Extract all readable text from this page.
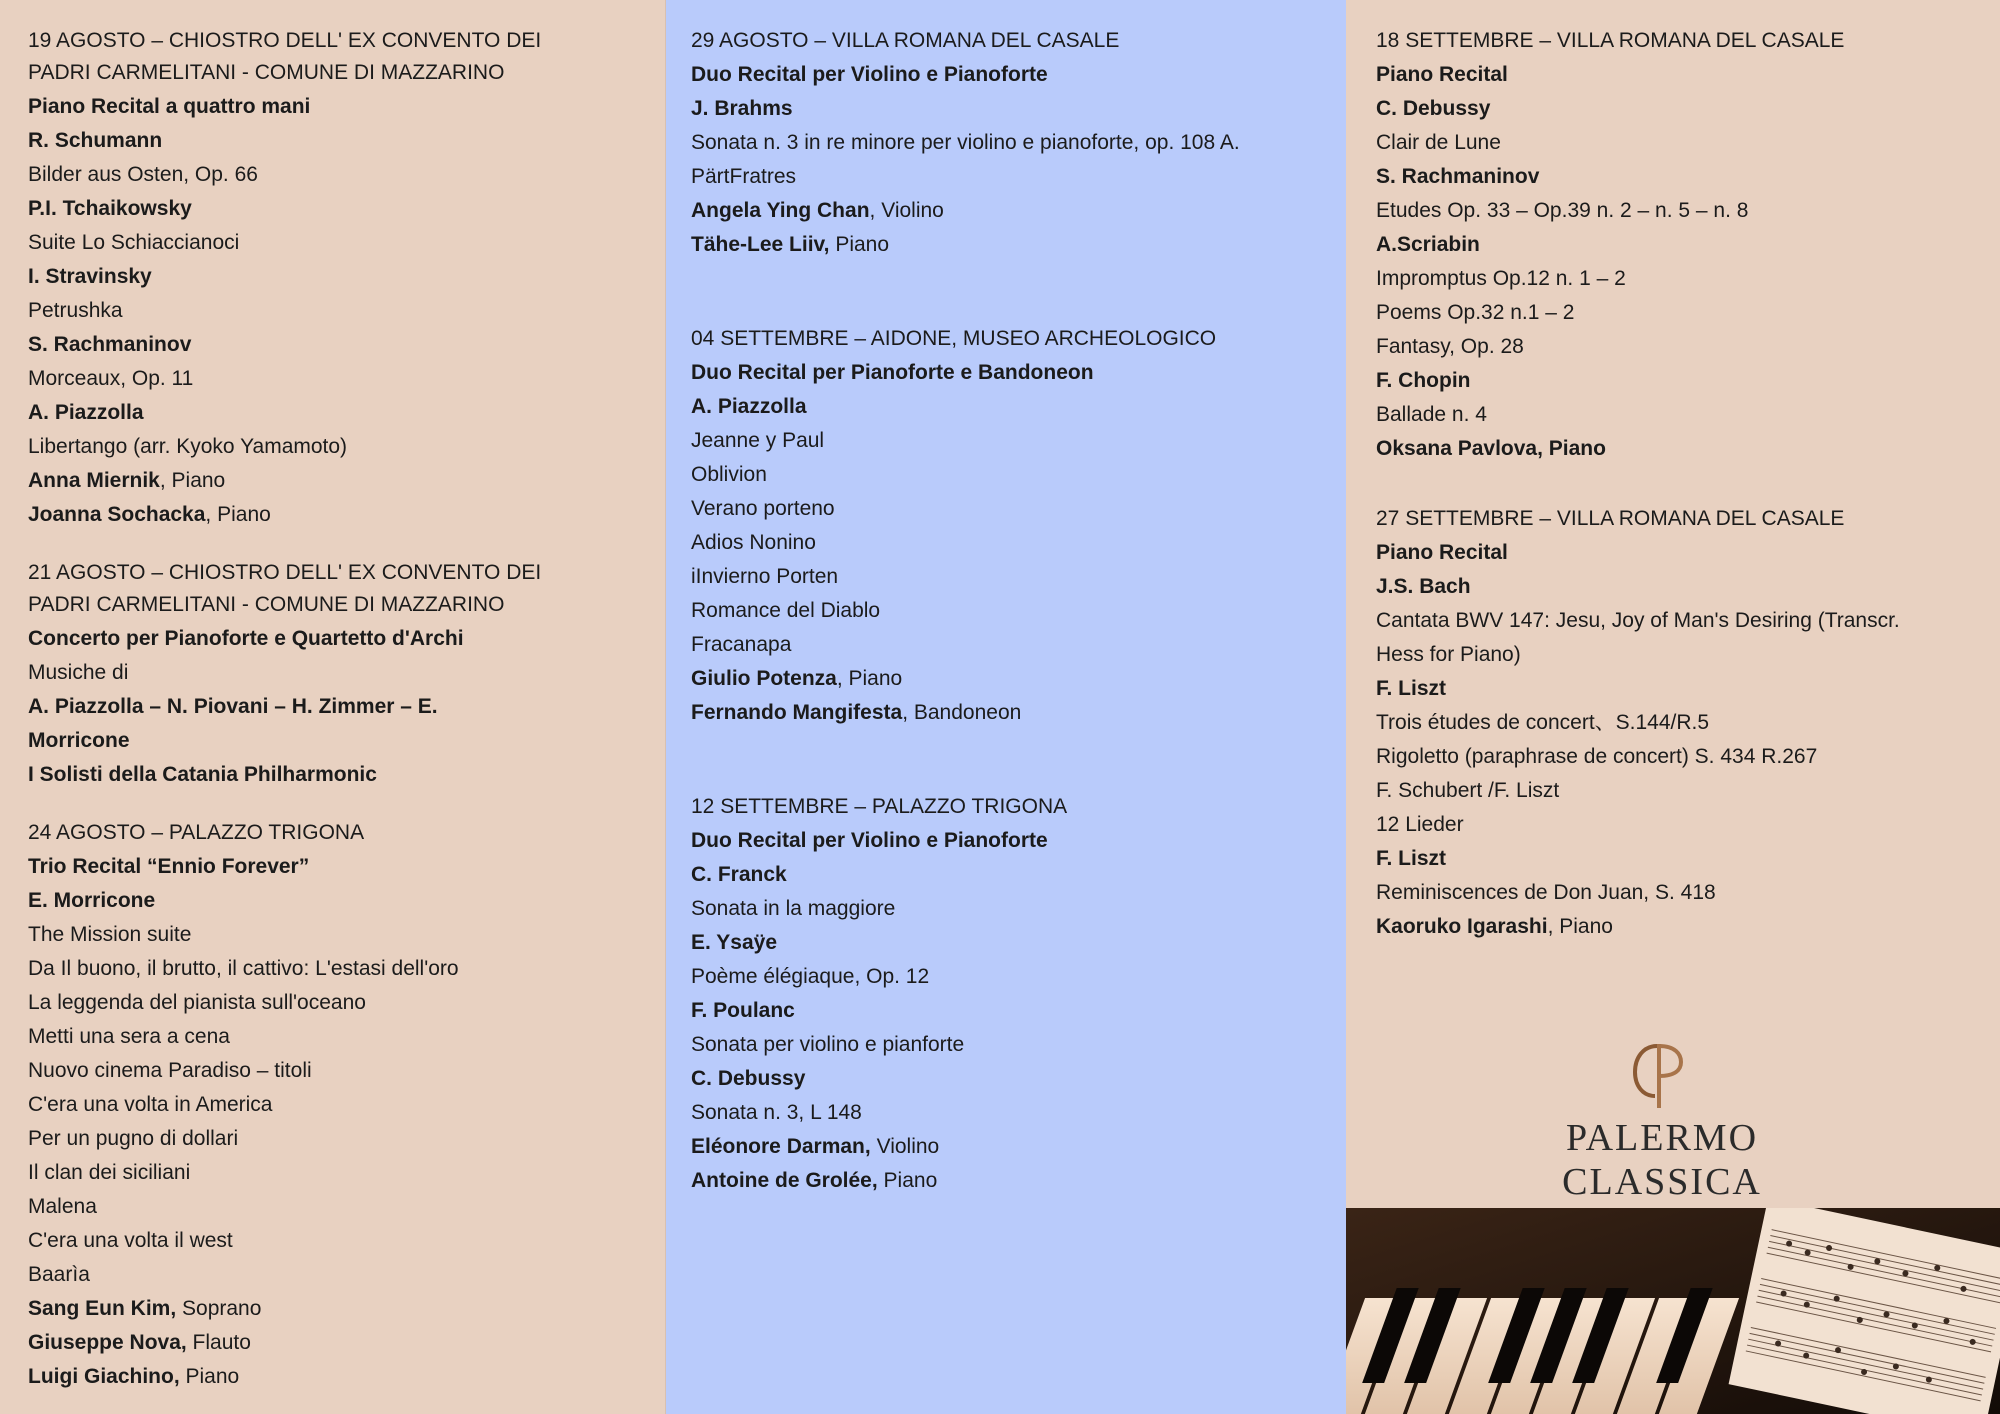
19 AGOSTO – CHIOSTRO DELL' EX CONVENTO DEI
PADRI CARMELITANI - COMUNE DI MAZZARINO
Piano Recital a quattro mani
R. Schumann
Bilder aus Osten, Op. 66
P.I. Tchaikowsky
Suite Lo Schiaccianoci
I. Stravinsky
Petrushka
S. Rachmaninov
Morceaux, Op. 11
A. Piazzolla
Libertango (arr. Kyoko Yamamoto)
Anna Miernik, Piano
Joanna Sochacka, Piano
21 AGOSTO – CHIOSTRO DELL' EX CONVENTO DEI
PADRI CARMELITANI - COMUNE DI MAZZARINO
Concerto per Pianoforte e Quartetto d'Archi
Musiche di
A. Piazzolla – N. Piovani – H. Zimmer – E.
Morricone
I Solisti della Catania Philharmonic
24 AGOSTO – PALAZZO TRIGONA
Trio Recital “Ennio Forever”
E. Morricone
The Mission suite
Da Il buono, il brutto, il cattivo: L'estasi dell'oro
La leggenda del pianista sull'oceano
Metti una sera a cena
Nuovo cinema Paradiso – titoli
C'era una volta in America
Per un pugno di dollari
Il clan dei siciliani
Malena
C'era una volta il west
Baarìa
Sang Eun Kim, Soprano
Giuseppe Nova, Flauto
Luigi Giachino, Piano
29 AGOSTO – VILLA ROMANA DEL CASALE
Duo Recital per Violino e Pianoforte
J. Brahms
Sonata n. 3 in re minore per violino e pianoforte, op. 108 A.
PärtFratres
Angela Ying Chan, Violino
Tähe-Lee Liiv, Piano
04 SETTEMBRE – AIDONE, MUSEO ARCHEOLOGICO
Duo Recital per Pianoforte e Bandoneon
A. Piazzolla
Jeanne y Paul
Oblivion
Verano porteno
Adios Nonino
iInvierno Porten
Romance del Diablo
Fracanapa
Giulio Potenza, Piano
Fernando Mangifesta, Bandoneon
12 SETTEMBRE – PALAZZO TRIGONA
Duo Recital per Violino e Pianoforte
C. Franck
Sonata in la maggiore
E. Ysaÿe
Poème élégiaque, Op. 12
F. Poulanc
Sonata per violino e pianforte
C. Debussy
Sonata n. 3, L 148
Eléonore Darman, Violino
Antoine de Grolée, Piano
18 SETTEMBRE – VILLA ROMANA DEL CASALE
Piano Recital
C. Debussy
Clair de Lune
S. Rachmaninov
Etudes Op. 33 – Op.39 n. 2 – n. 5 – n. 8
A.Scriabin
Impromptus Op.12 n. 1 – 2
Poems Op.32 n.1 – 2
Fantasy, Op. 28
F. Chopin
Ballade n. 4
Oksana Pavlova, Piano
27 SETTEMBRE – VILLA ROMANA DEL CASALE
Piano Recital
J.S. Bach
Cantata BWV 147: Jesu, Joy of Man's Desiring (Transcr.
Hess for Piano)
F. Liszt
Trois études de concert、S.144/R.5
Rigoletto (paraphrase de concert) S. 434 R.267
F. Schubert /F. Liszt
12 Lieder
F. Liszt
Reminiscences de Don Juan, S. 418
Kaoruko Igarashi, Piano
PALERMO CLASSICA
